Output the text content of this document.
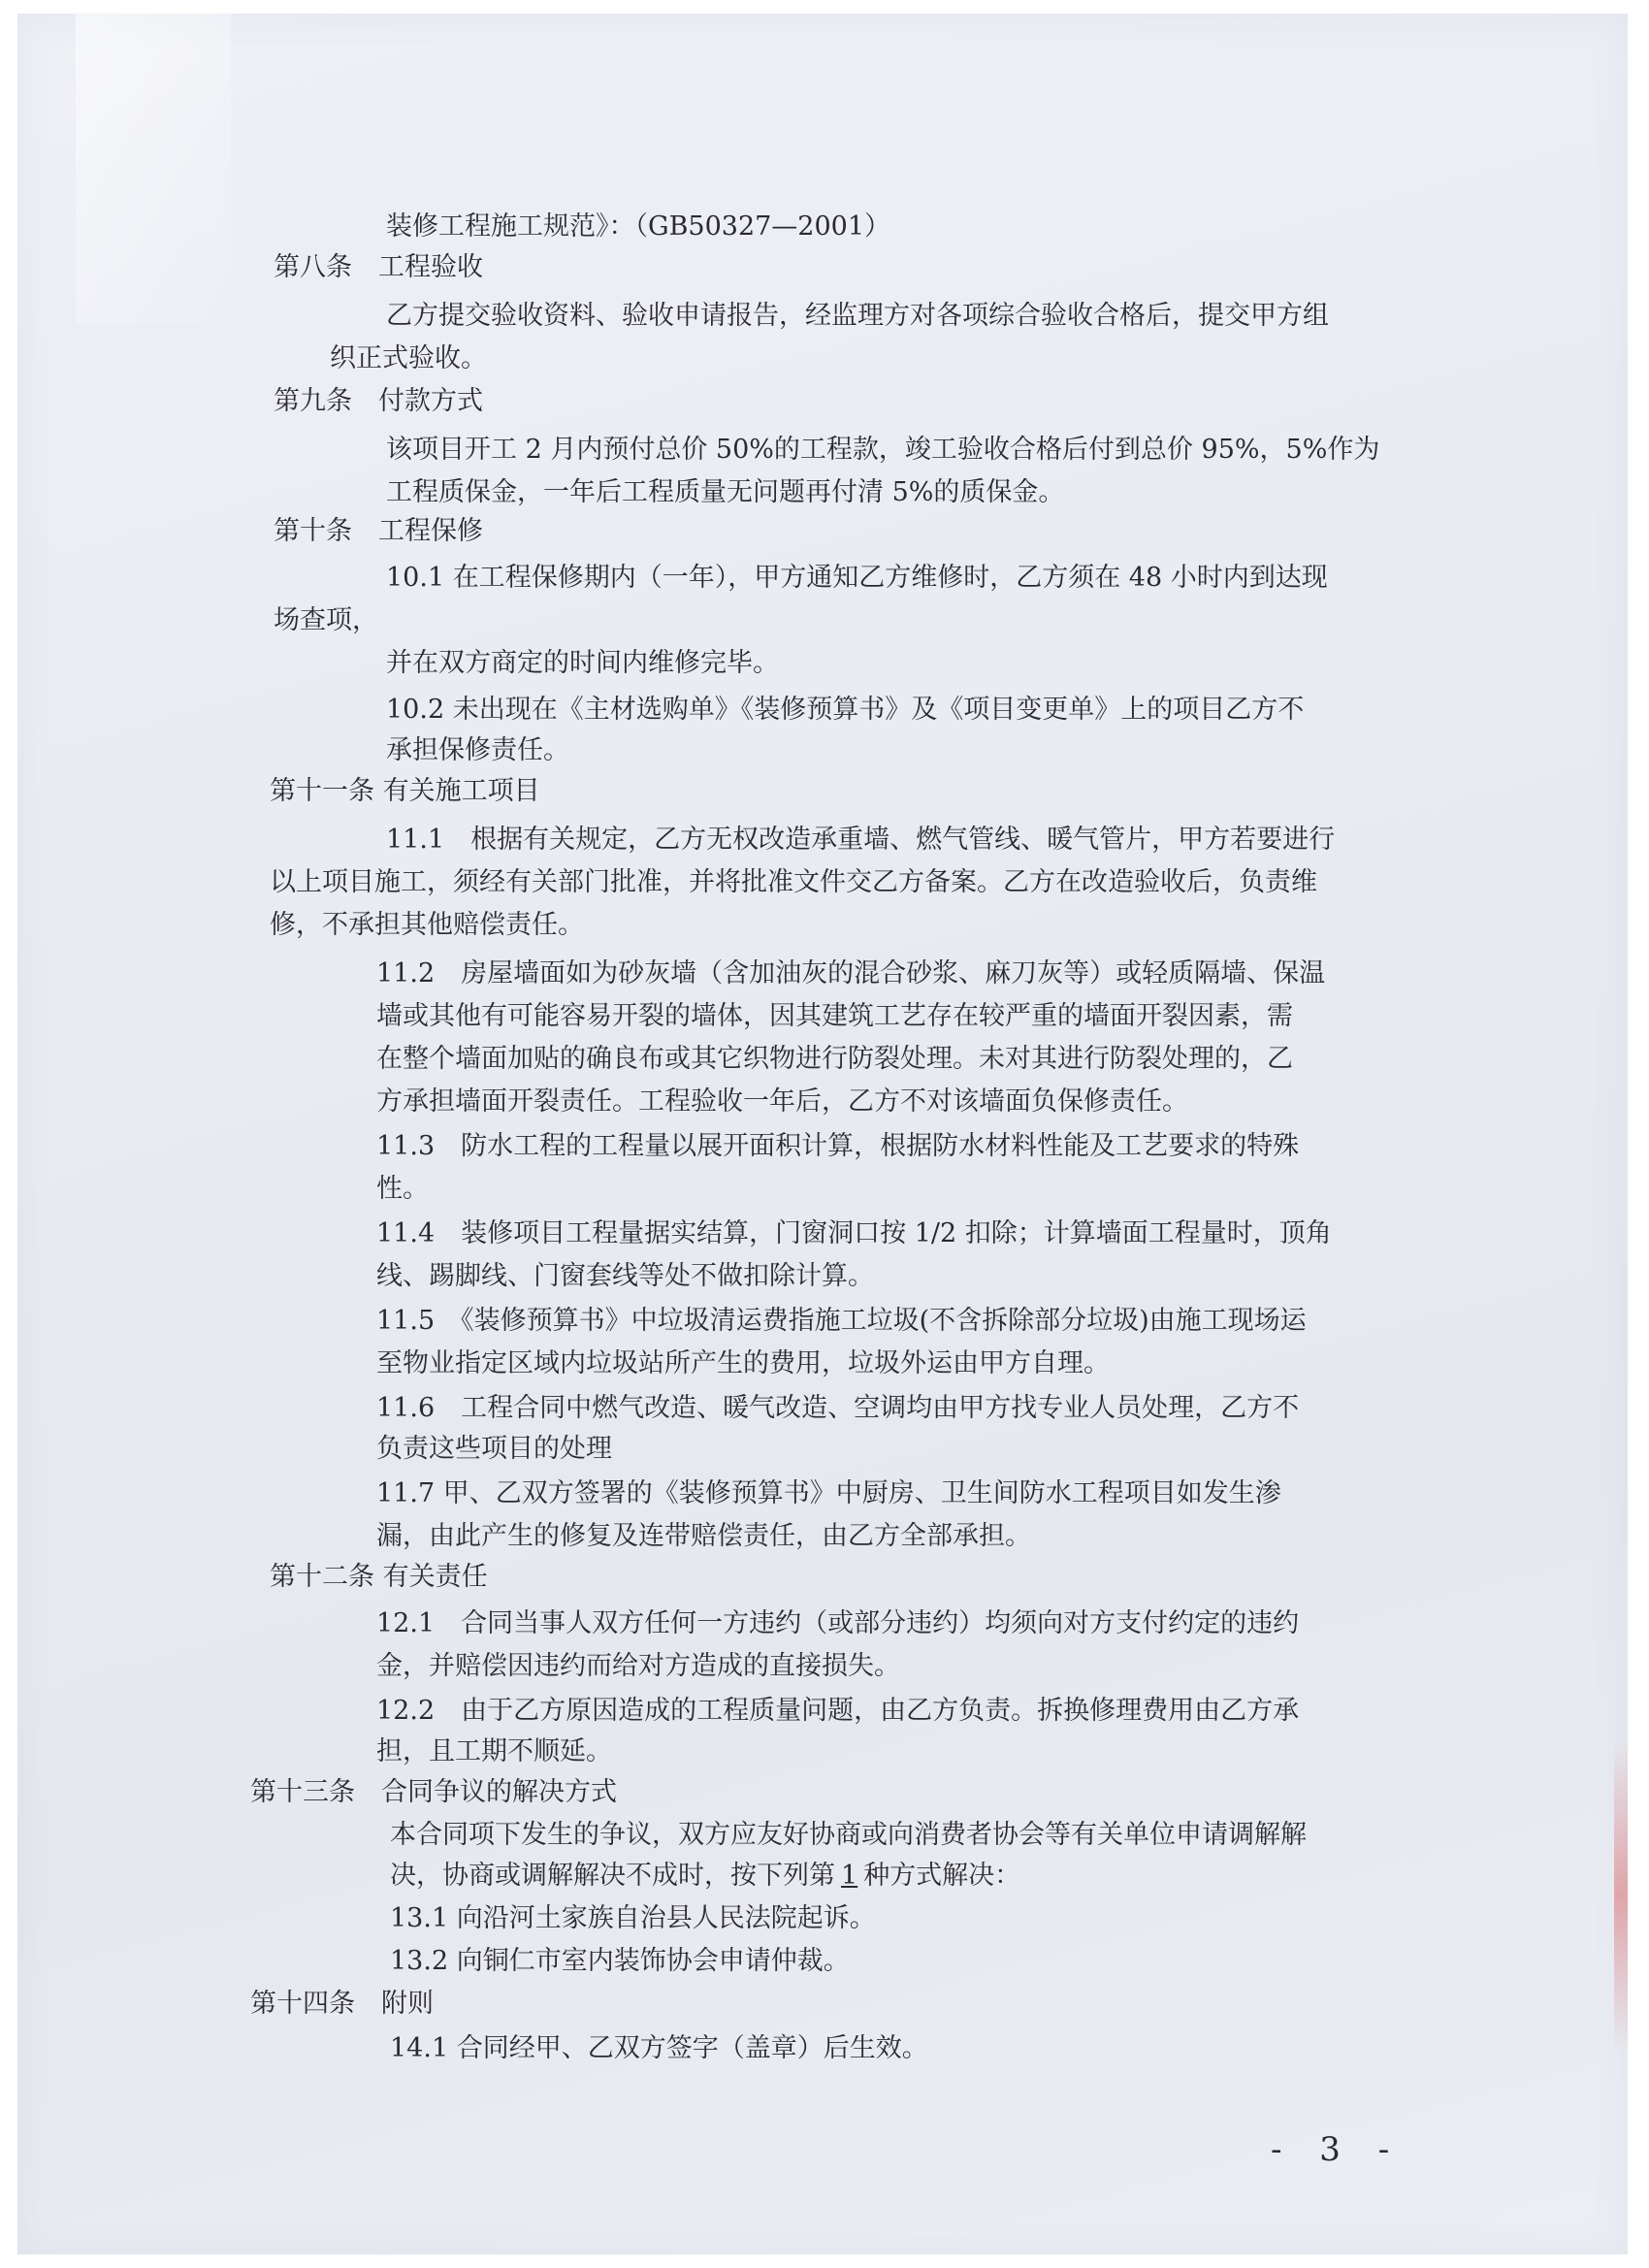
装修工程施工规范》：（GB50327—2001）
第八条　工程验收
乙方提交验收资料、验收申请报告，经监理方对各项综合验收合格后，提交甲方组
织正式验收。
第九条　付款方式
该项目开工 2 月内预付总价 50%的工程款，竣工验收合格后付到总价 95%，5%作为
工程质保金，一年后工程质量无问题再付清 5%的质保金。
第十条　工程保修
10.1 在工程保修期内（一年），甲方通知乙方维修时，乙方须在 48 小时内到达现
场查项，
并在双方商定的时间内维修完毕。
10.2 未出现在《主材选购单》《装修预算书》及《项目变更单》上的项目乙方不
承担保修责任。
第十一条 有关施工项目
11.1　根据有关规定，乙方无权改造承重墙、燃气管线、暖气管片，甲方若要进行
以上项目施工，须经有关部门批准，并将批准文件交乙方备案。乙方在改造验收后，负责维
修，不承担其他赔偿责任。
11.2　房屋墙面如为砂灰墙（含加油灰的混合砂浆、麻刀灰等）或轻质隔墙、保温
墙或其他有可能容易开裂的墙体，因其建筑工艺存在较严重的墙面开裂因素，需
在整个墙面加贴的确良布或其它织物进行防裂处理。未对其进行防裂处理的，乙
方承担墙面开裂责任。工程验收一年后，乙方不对该墙面负保修责任。
11.3　防水工程的工程量以展开面积计算，根据防水材料性能及工艺要求的特殊
性。
11.4　装修项目工程量据实结算，门窗洞口按 1/2 扣除；计算墙面工程量时，顶角
线、踢脚线、门窗套线等处不做扣除计算。
11.5　《装修预算书》中垃圾清运费指施工垃圾(不含拆除部分垃圾)由施工现场运
至物业指定区域内垃圾站所产生的费用，垃圾外运由甲方自理。
11.6　工程合同中燃气改造、暖气改造、空调均由甲方找专业人员处理，乙方不
负责这些项目的处理
11.7 甲、乙双方签署的《装修预算书》中厨房、卫生间防水工程项目如发生渗
漏，由此产生的修复及连带赔偿责任，由乙方全部承担。
第十二条 有关责任
12.1　合同当事人双方任何一方违约（或部分违约）均须向对方支付约定的违约
金，并赔偿因违约而给对方造成的直接损失。
12.2　由于乙方原因造成的工程质量问题，由乙方负责。拆换修理费用由乙方承
担，且工期不顺延。
第十三条　合同争议的解决方式
本合同项下发生的争议，双方应友好协商或向消费者协会等有关单位申请调解解
决，协商或调解解决不成时，按下列第 1 种方式解决：
13.1 向沿河土家族自治县人民法院起诉。
13.2 向铜仁市室内装饰协会申请仲裁。
第十四条　附则
14.1 合同经甲、乙双方签字（盖章）后生效。
- 3 -
